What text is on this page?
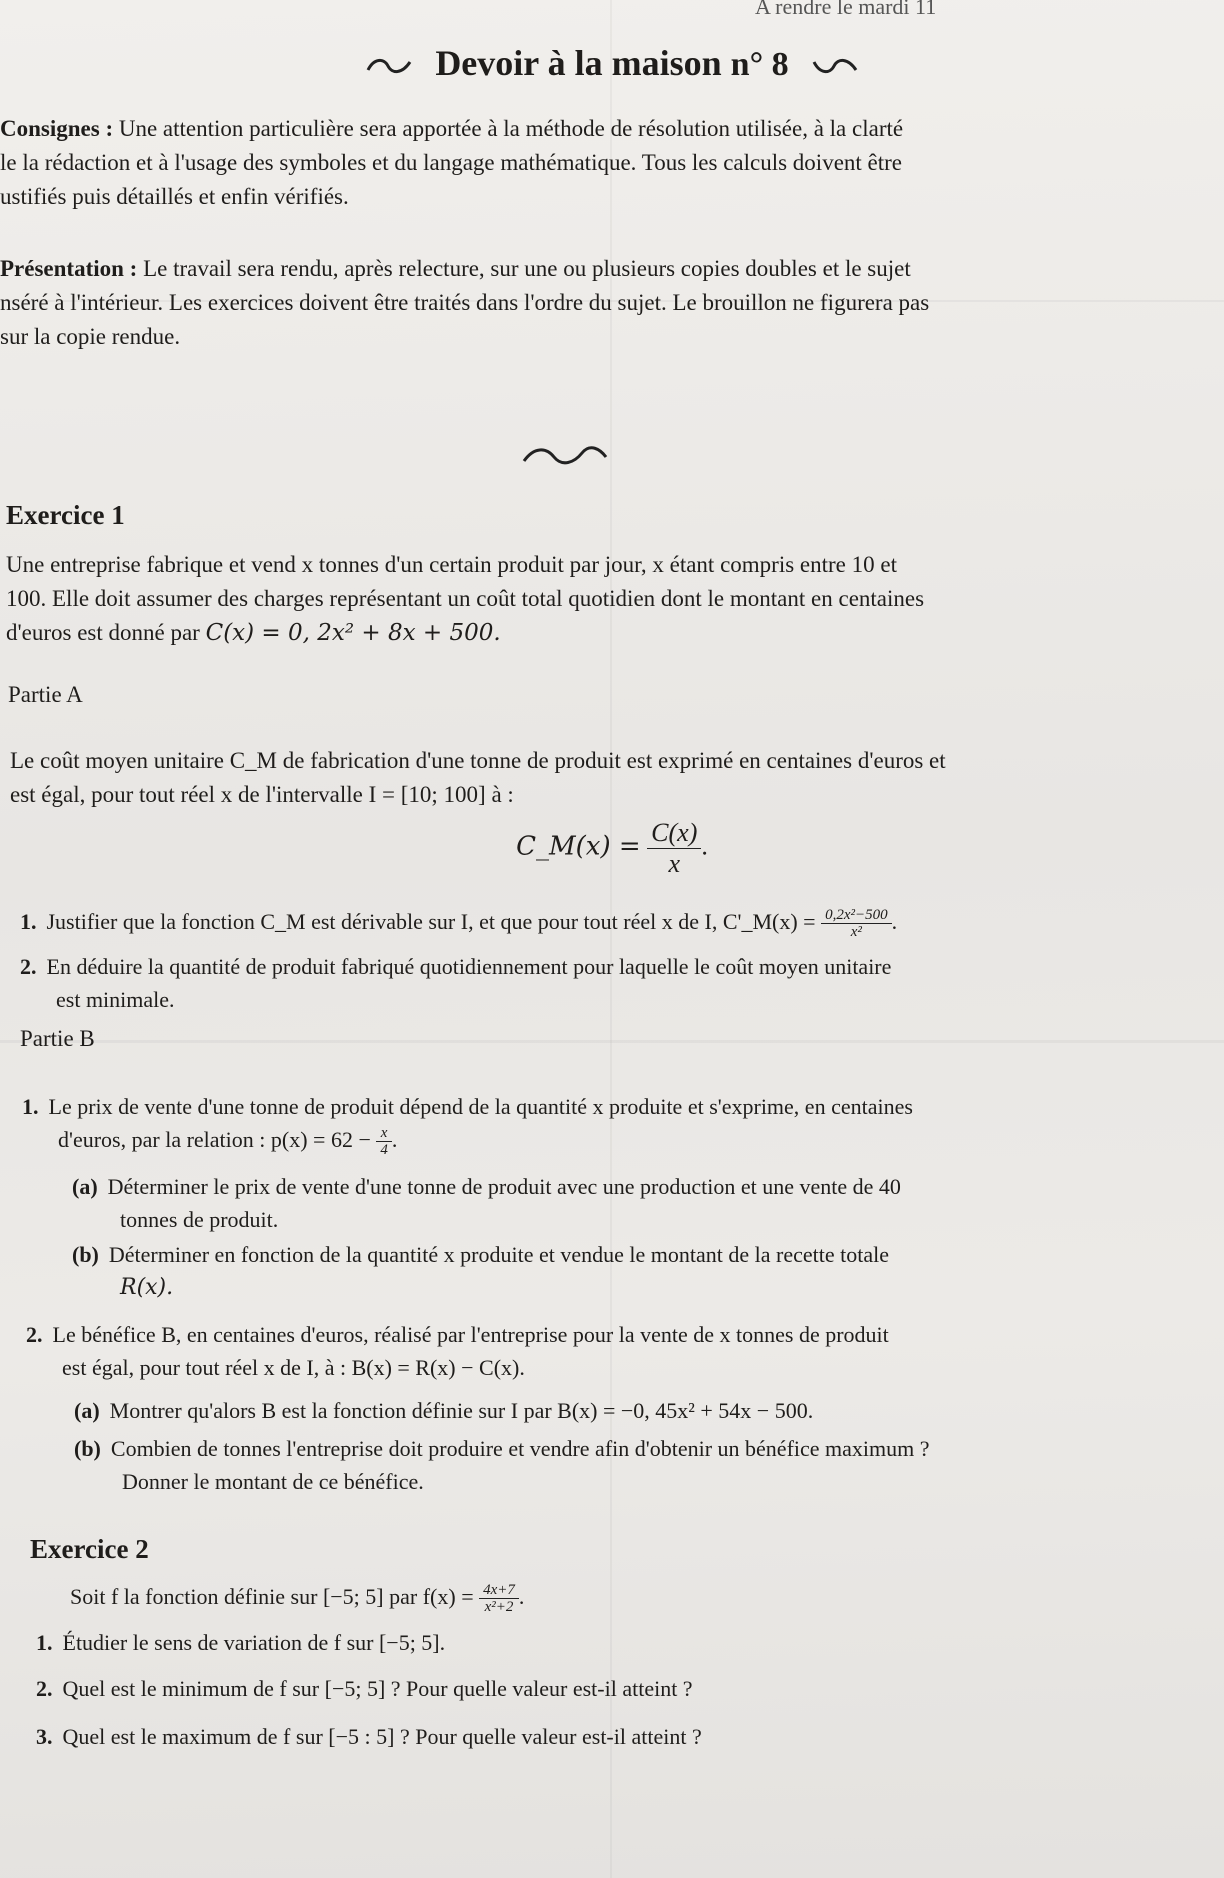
A rendre le mardi 11
Devoir à la maison n° 8

Consignes : Une attention particulière sera apportée à la méthode de résolution utilisée, à la clarté

le la rédaction et à l'usage des symboles et du langage mathématique. Tous les calculs doivent être

ustifiés puis détaillés et enfin vérifiés.

Présentation : Le travail sera rendu, après relecture, sur une ou plusieurs copies doubles et le sujet

nséré à l'intérieur. Les exercices doivent être traités dans l'ordre du sujet. Le brouillon ne figurera pas

sur la copie rendue.

Exercice 1

Une entreprise fabrique et vend x tonnes d'un certain produit par jour, x étant compris entre 10 et

100. Elle doit assumer des charges représentant un coût total quotidien dont le montant en centaines

d'euros est donné par C(x) = 0, 2x² + 8x + 500.

Partie A

Le coût moyen unitaire C_M de fabrication d'une tonne de produit est exprimé en centaines d'euros et

est égal, pour tout réel x de l'intervalle I = [10; 100] à :

C_M(x) = $\frac{C(x)}{x}$ .
1. Justifier que la fonction C_M est dérivable sur I, et que pour tout réel x de I, C'_M(x) = $\frac{\text{0,2x²−500}}{\text{x²}}$ .
2. En déduire la quantité de produit fabriqué quotidiennement pour laquelle le coût moyen unitaire
est minimale.
Partie B
1. Le prix de vente d'une tonne de produit dépend de la quantité x produite et s'exprime, en centaines
d'euros, par la relation : $p(x) = 62 - \frac{x}{4}$ .
(a) Déterminer le prix de vente d'une tonne de produit avec une production et une vente de 40
tonnes de produit.
(b) Déterminer en fonction de la quantité x produite et vendue le montant de la recette totale
R(x).
2. Le bénéfice B, en centaines d'euros, réalisé par l'entreprise pour la vente de x tonnes de produit
est égal, pour tout réel x de I, à : B(x) = R(x) − C(x).
(a) Montrer qu'alors B est la fonction définie sur I par B(x) = −0, 45x² + 54x − 500.
(b) Combien de tonnes l'entreprise doit produire et vendre afin d'obtenir un bénéfice maximum ?
Donner le montant de ce bénéfice.
Exercice 2
Soit f la fonction définie sur [−5; 5] par $f(x) = \frac{4x+7}{\text{x²+2}}$ .
1. Étudier le sens de variation de f sur [−5; 5].
2. Quel est le minimum de f sur [−5; 5] ? Pour quelle valeur est-il atteint ?
3. Quel est le maximum de f sur [−5 : 5] ? Pour quelle valeur est-il atteint ?
